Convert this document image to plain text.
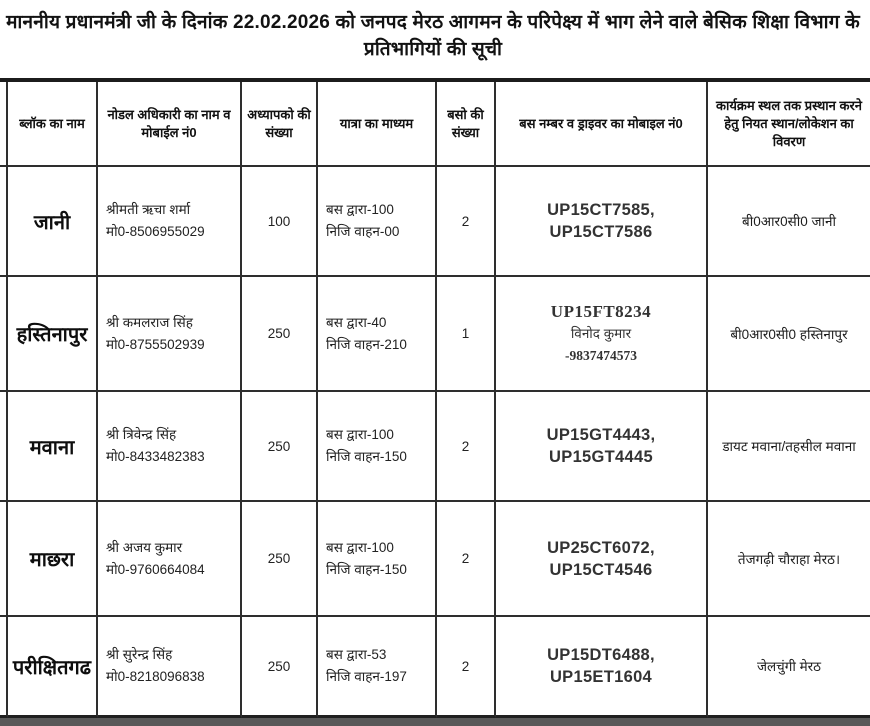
माननीय प्रधानमंत्री जी के दिनांक 22.02.2026 को जनपद मेरठ आगमन के परिपेक्ष्य में भाग लेने वाले बेसिक शिक्षा विभाग के
प्रतिभागियों की सूची
ब्लॉक का नाम
नोडल अधिकारी का नाम व मोबाईल नं0
अध्यापको की संख्या
यात्रा का माध्यम
बसो की संख्या
बस नम्बर व ड्राइवर का मोबाइल नं0
कार्यक्रम स्थल तक प्रस्थान करने हेतु नियत स्थान/लोकेशन का विवरण
जानी
श्रीमती ऋचा शर्मा
मो0-8506955029
100
बस द्वारा-100
निजि वाहन-00
2
UP15CT7585, UP15CT7586
बी0आर0सी0 जानी
हस्तिनापुर
श्री कमलराज सिंह
मो0-8755502939
250
बस द्वारा-40
निजि वाहन-210
1
UP15FT8234
विनोद कुमार
-9837474573
बी0आर0सी0 हस्तिनापुर
मवाना
श्री त्रिवेन्द्र सिंह
मो0-8433482383
250
बस द्वारा-100
निजि वाहन-150
2
UP15GT4443, UP15GT4445
डायट मवाना/तहसील मवाना
माछरा
श्री अजय कुमार
मो0-9760664084
250
बस द्वारा-100
निजि वाहन-150
2
UP25CT6072, UP15CT4546
तेजगढ़ी चौराहा मेरठ।
परीक्षितगढ
श्री सुरेन्द्र सिंह
मो0-8218096838
250
बस द्वारा-53
निजि वाहन-197
2
UP15DT6488, UP15ET1604
जेलचुंगी मेरठ
